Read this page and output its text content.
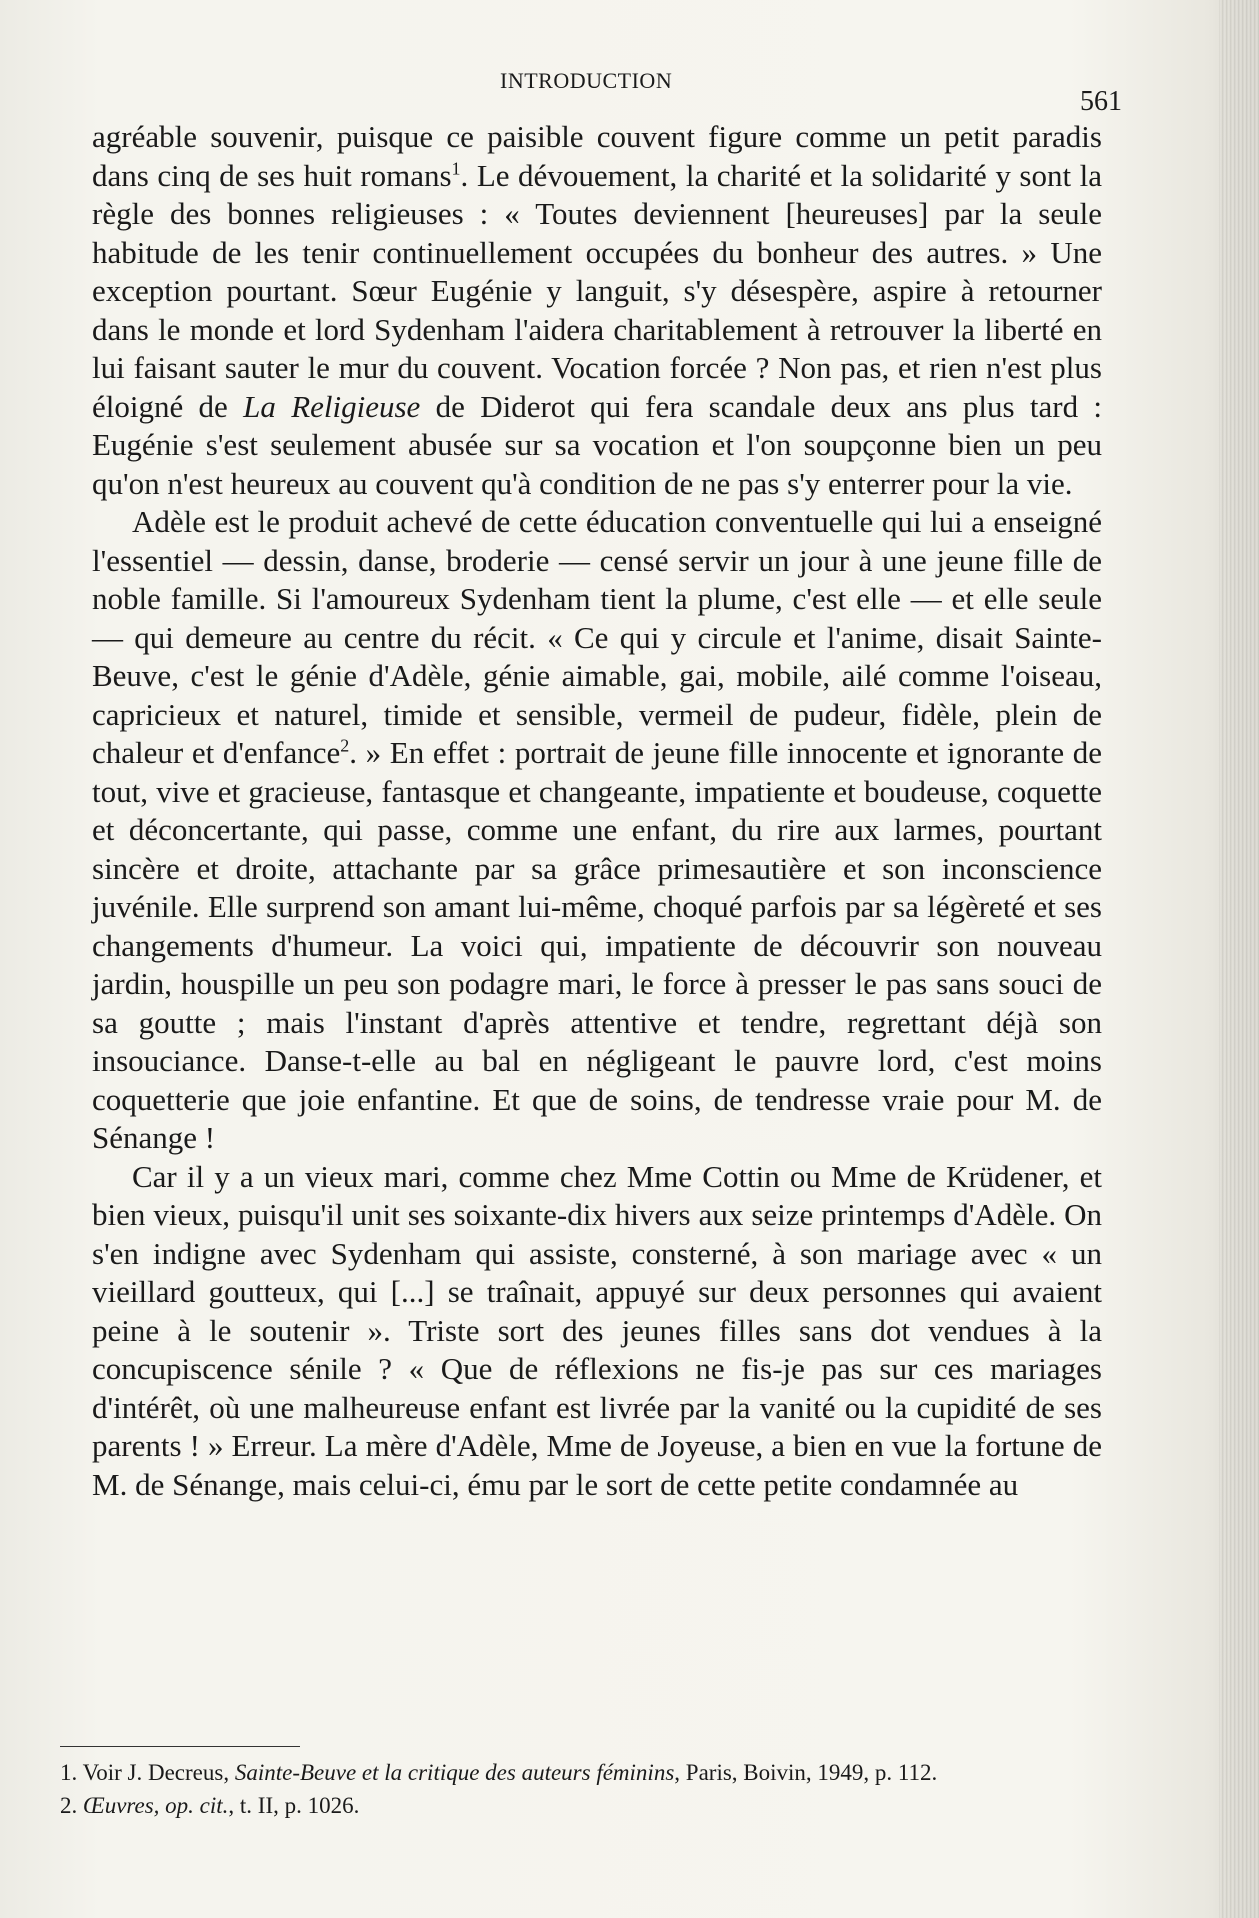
INTRODUCTION
561

agréable souvenir, puisque ce paisible couvent figure comme un petit paradis dans cinq de ses huit romans$^1$. Le dévouement, la charité et la solidarité y sont la règle des bonnes religieuses : « Toutes deviennent [heureuses] par la seule habitude de les tenir continuellement occupées du bonheur des autres. » Une exception pourtant. Sœur Eugénie y languit, s'y désespère, aspire à retourner dans le monde et lord Sydenham l'aidera charitablement à retrouver la liberté en lui faisant sauter le mur du couvent. Vocation forcée ? Non pas, et rien n'est plus éloigné de La Religieuse de Diderot qui fera scandale deux ans plus tard : Eugénie s'est seulement abusée sur sa vocation et l'on soupçonne bien un peu qu'on n'est heureux au couvent qu'à condition de ne pas s'y enterrer pour la vie.

Adèle est le produit achevé de cette éducation conventuelle qui lui a enseigné l'essentiel — dessin, danse, broderie — censé servir un jour à une jeune fille de noble famille. Si l'amoureux Sydenham tient la plume, c'est elle — et elle seule — qui demeure au centre du récit. « Ce qui y circule et l'anime, disait Sainte-Beuve, c'est le génie d'Adèle, génie aimable, gai, mobile, ailé comme l'oiseau, capricieux et naturel, timide et sensible, vermeil de pudeur, fidèle, plein de chaleur et d'enfance$^2$. » En effet : portrait de jeune fille innocente et ignorante de tout, vive et gracieuse, fantasque et changeante, impatiente et boudeuse, coquette et déconcertante, qui passe, comme une enfant, du rire aux larmes, pourtant sincère et droite, attachante par sa grâce primesautière et son inconscience juvénile. Elle surprend son amant lui-même, choqué parfois par sa légèreté et ses changements d'humeur. La voici qui, impatiente de découvrir son nouveau jardin, houspille un peu son podagre mari, le force à presser le pas sans souci de sa goutte ; mais l'instant d'après attentive et tendre, regrettant déjà son insouciance. Danse-t-elle au bal en négligeant le pauvre lord, c'est moins coquetterie que joie enfantine. Et que de soins, de tendresse vraie pour M. de Sénange !

Car il y a un vieux mari, comme chez Mme Cottin ou Mme de Krüdener, et bien vieux, puisqu'il unit ses soixante-dix hivers aux seize printemps d'Adèle. On s'en indigne avec Sydenham qui assiste, consterné, à son mariage avec « un vieillard goutteux, qui [...] se traînait, appuyé sur deux personnes qui avaient peine à le soutenir ». Triste sort des jeunes filles sans dot vendues à la concupiscence sénile ? « Que de réflexions ne fis-je pas sur ces mariages d'intérêt, où une malheureuse enfant est livrée par la vanité ou la cupidité de ses parents ! » Erreur. La mère d'Adèle, Mme de Joyeuse, a bien en vue la fortune de M. de Sénange, mais celui-ci, ému par le sort de cette petite condamnée au

1. Voir J. Decreus, Sainte-Beuve et la critique des auteurs féminins, Paris, Boivin, 1949, p. 112.

2. Œuvres, op. cit., t. II, p. 1026.
